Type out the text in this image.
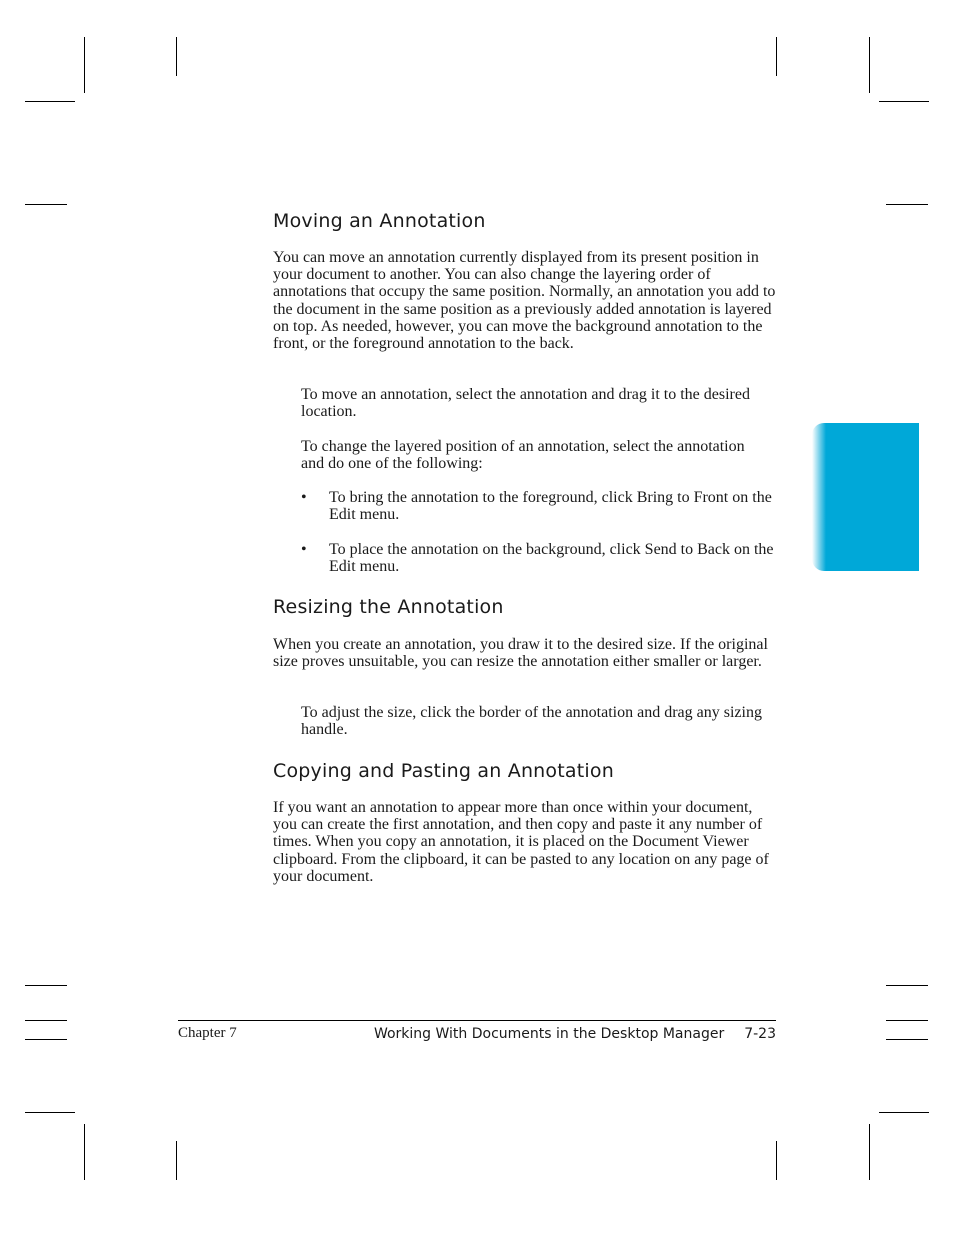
Moving an Annotation

You can move an annotation currently displayed from its present position in your document to another. You can also change the layering order of annotations that occupy the same position. Normally, an annotation you add to the document in the same position as a previously added annotation is layered on top. As needed, however, you can move the background annotation to the front, or the foreground annotation to the back.

To move an annotation, select the annotation and drag it to the desired location.

To change the layered position of an annotation, select the annotation and do one of the following:

• To bring the annotation to the foreground, click Bring to Front on the Edit menu.

• To place the annotation on the background, click Send to Back on the Edit menu.

Resizing the Annotation

When you create an annotation, you draw it to the desired size. If the original size proves unsuitable, you can resize the annotation either smaller or larger.

To adjust the size, click the border of the annotation and drag any sizing handle.

Copying and Pasting an Annotation

If you want an annotation to appear more than once within your document, you can create the first annotation, and then copy and paste it any number of times. When you copy an annotation, it is placed on the Document Viewer clipboard. From the clipboard, it can be pasted to any location on any page of your document.

Chapter 7	Working With Documents in the Desktop Manager 7-23
